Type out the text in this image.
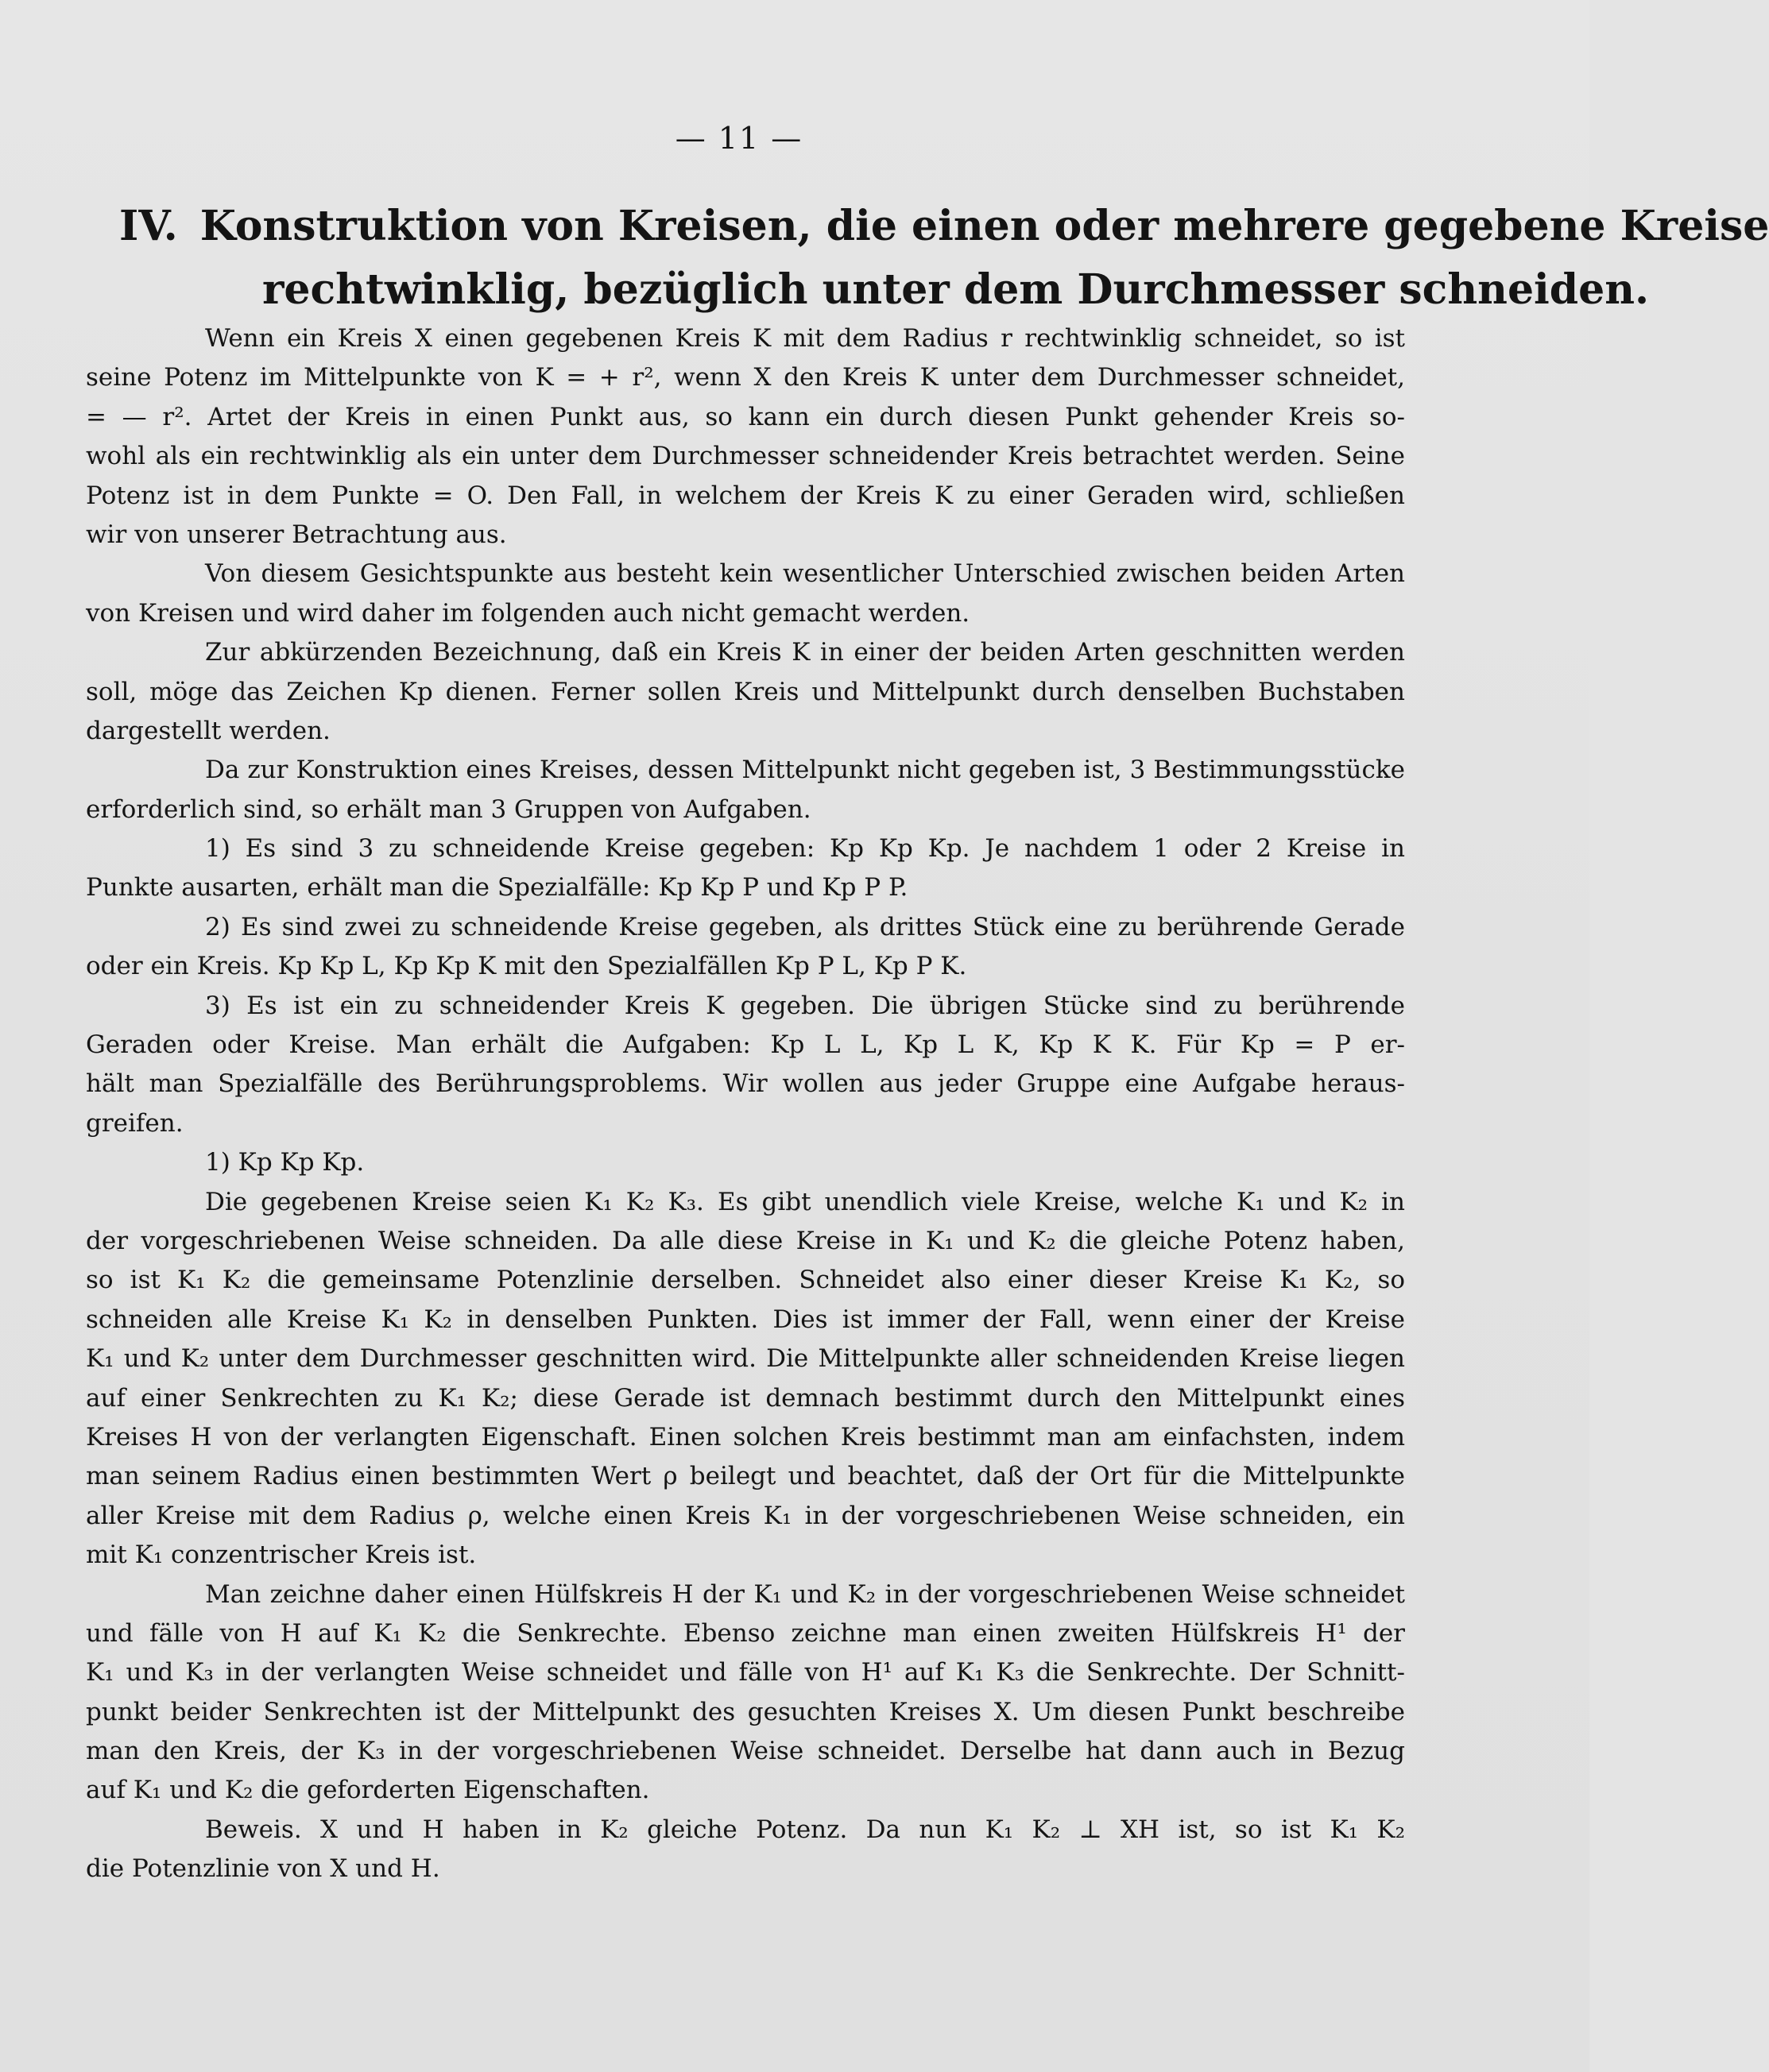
— 11 —
IV. Konstruktion von Kreisen, die einen oder mehrere gegebene Kreise
rechtwinklig, bezüglich unter dem Durchmesser schneiden.
Wenn ein Kreis X einen gegebenen Kreis K mit dem Radius r rechtwinklig schneidet, so ist
seine Potenz im Mittelpunkte von K = + r², wenn X den Kreis K unter dem Durchmesser schneidet,
= — r². Artet der Kreis in einen Punkt aus, so kann ein durch diesen Punkt gehender Kreis so-
wohl als ein rechtwinklig als ein unter dem Durchmesser schneidender Kreis betrachtet werden. Seine
Potenz ist in dem Punkte = O. Den Fall, in welchem der Kreis K zu einer Geraden wird, schließen
wir von unserer Betrachtung aus.
Von diesem Gesichtspunkte aus besteht kein wesentlicher Unterschied zwischen beiden Arten
von Kreisen und wird daher im folgenden auch nicht gemacht werden.
Zur abkürzenden Bezeichnung, daß ein Kreis K in einer der beiden Arten geschnitten werden
soll, möge das Zeichen Kp dienen. Ferner sollen Kreis und Mittelpunkt durch denselben Buchstaben
dargestellt werden.
Da zur Konstruktion eines Kreises, dessen Mittelpunkt nicht gegeben ist, 3 Bestimmungsstücke
erforderlich sind, so erhält man 3 Gruppen von Aufgaben.
1) Es sind 3 zu schneidende Kreise gegeben: Kp Kp Kp. Je nachdem 1 oder 2 Kreise in
Punkte ausarten, erhält man die Spezialfälle: Kp Kp P und Kp P P.
2) Es sind zwei zu schneidende Kreise gegeben, als drittes Stück eine zu berührende Gerade
oder ein Kreis. Kp Kp L, Kp Kp K mit den Spezialfällen Kp P L, Kp P K.
3) Es ist ein zu schneidender Kreis K gegeben. Die übrigen Stücke sind zu berührende
Geraden oder Kreise. Man erhält die Aufgaben: Kp L L, Kp L K, Kp K K. Für Kp = P er-
hält man Spezialfälle des Berührungsproblems. Wir wollen aus jeder Gruppe eine Aufgabe heraus-
greifen.
1) Kp Kp Kp.
Die gegebenen Kreise seien K₁ K₂ K₃. Es gibt unendlich viele Kreise, welche K₁ und K₂ in
der vorgeschriebenen Weise schneiden. Da alle diese Kreise in K₁ und K₂ die gleiche Potenz haben,
so ist K₁ K₂ die gemeinsame Potenzlinie derselben. Schneidet also einer dieser Kreise K₁ K₂, so
schneiden alle Kreise K₁ K₂ in denselben Punkten. Dies ist immer der Fall, wenn einer der Kreise
K₁ und K₂ unter dem Durchmesser geschnitten wird. Die Mittelpunkte aller schneidenden Kreise liegen
auf einer Senkrechten zu K₁ K₂; diese Gerade ist demnach bestimmt durch den Mittelpunkt eines
Kreises H von der verlangten Eigenschaft. Einen solchen Kreis bestimmt man am einfachsten, indem
man seinem Radius einen bestimmten Wert ρ beilegt und beachtet, daß der Ort für die Mittelpunkte
aller Kreise mit dem Radius ρ, welche einen Kreis K₁ in der vorgeschriebenen Weise schneiden, ein
mit K₁ conzentrischer Kreis ist.
Man zeichne daher einen Hülfskreis H der K₁ und K₂ in der vorgeschriebenen Weise schneidet
und fälle von H auf K₁ K₂ die Senkrechte. Ebenso zeichne man einen zweiten Hülfskreis H¹ der
K₁ und K₃ in der verlangten Weise schneidet und fälle von H¹ auf K₁ K₃ die Senkrechte. Der Schnitt-
punkt beider Senkrechten ist der Mittelpunkt des gesuchten Kreises X. Um diesen Punkt beschreibe
man den Kreis, der K₃ in der vorgeschriebenen Weise schneidet. Derselbe hat dann auch in Bezug
auf K₁ und K₂ die geforderten Eigenschaften.
Beweis. X und H haben in K₂ gleiche Potenz. Da nun K₁ K₂ ⊥ XH ist, so ist K₁ K₂
die Potenzlinie von X und H.
